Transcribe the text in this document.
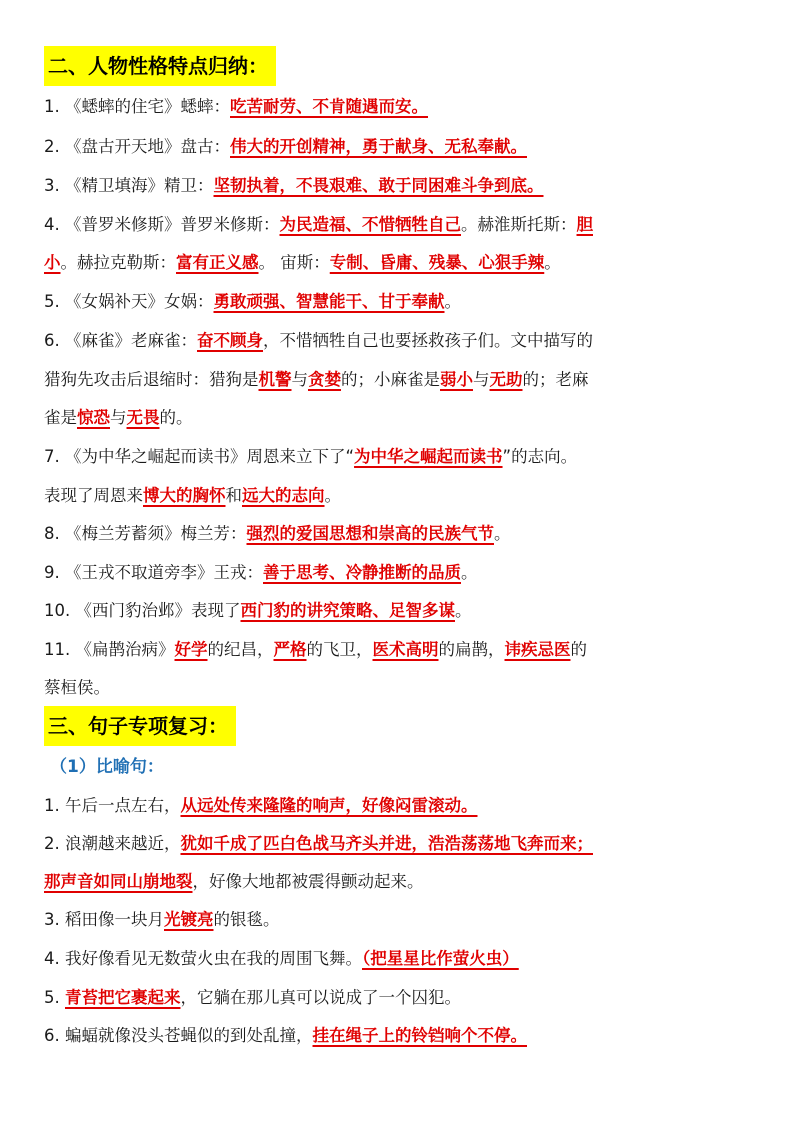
二、人物性格特点归纳：
1. 《蟋蟀的住宅》蟋蟀：吃苦耐劳、不肯随遇而安。
2. 《盘古开天地》盘古：伟大的开创精神，勇于献身、无私奉献。
3. 《精卫填海》精卫：坚韧执着，不畏艰难、敢于同困难斗争到底。
4. 《普罗米修斯》普罗米修斯：为民造福、不惜牺牲自己。赫淮斯托斯：胆
小。赫拉克勒斯：富有正义感。 宙斯：专制、昏庸、残暴、心狠手辣。
5. 《女娲补天》女娲：勇敢顽强、智慧能干、甘于奉献。
6. 《麻雀》老麻雀：奋不顾身，不惜牺牲自己也要拯救孩子们。文中描写的
猎狗先攻击后退缩时：猎狗是机警与贪婪的；小麻雀是弱小与无助的；老麻
雀是惊恐与无畏的。
7. 《为中华之崛起而读书》周恩来立下了“为中华之崛起而读书”的志向。
表现了周恩来博大的胸怀和远大的志向。
8. 《梅兰芳蓄须》梅兰芳：强烈的爱国思想和崇高的民族气节。
9. 《王戎不取道旁李》王戎：善于思考、冷静推断的品质。
10. 《西门豹治邺》表现了西门豹的讲究策略、足智多谋。
11. 《扁鹊治病》好学的纪昌，严格的飞卫，医术高明的扁鹊，讳疾忌医的
蔡桓侯。
三、句子专项复习：
（1）比喻句：
1. 午后一点左右，从远处传来隆隆的响声，好像闷雷滚动。
2. 浪潮越来越近，犹如千成了匹白色战马齐头并进，浩浩荡荡地飞奔而来；
那声音如同山崩地裂，好像大地都被震得颤动起来。
3. 稻田像一块月光镀亮的银毯。
4. 我好像看见无数萤火虫在我的周围飞舞。（把星星比作萤火虫）
5. 青苔把它裹起来，它躺在那儿真可以说成了一个囚犯。
6. 蝙蝠就像没头苍蝇似的到处乱撞，挂在绳子上的铃铛响个不停。
